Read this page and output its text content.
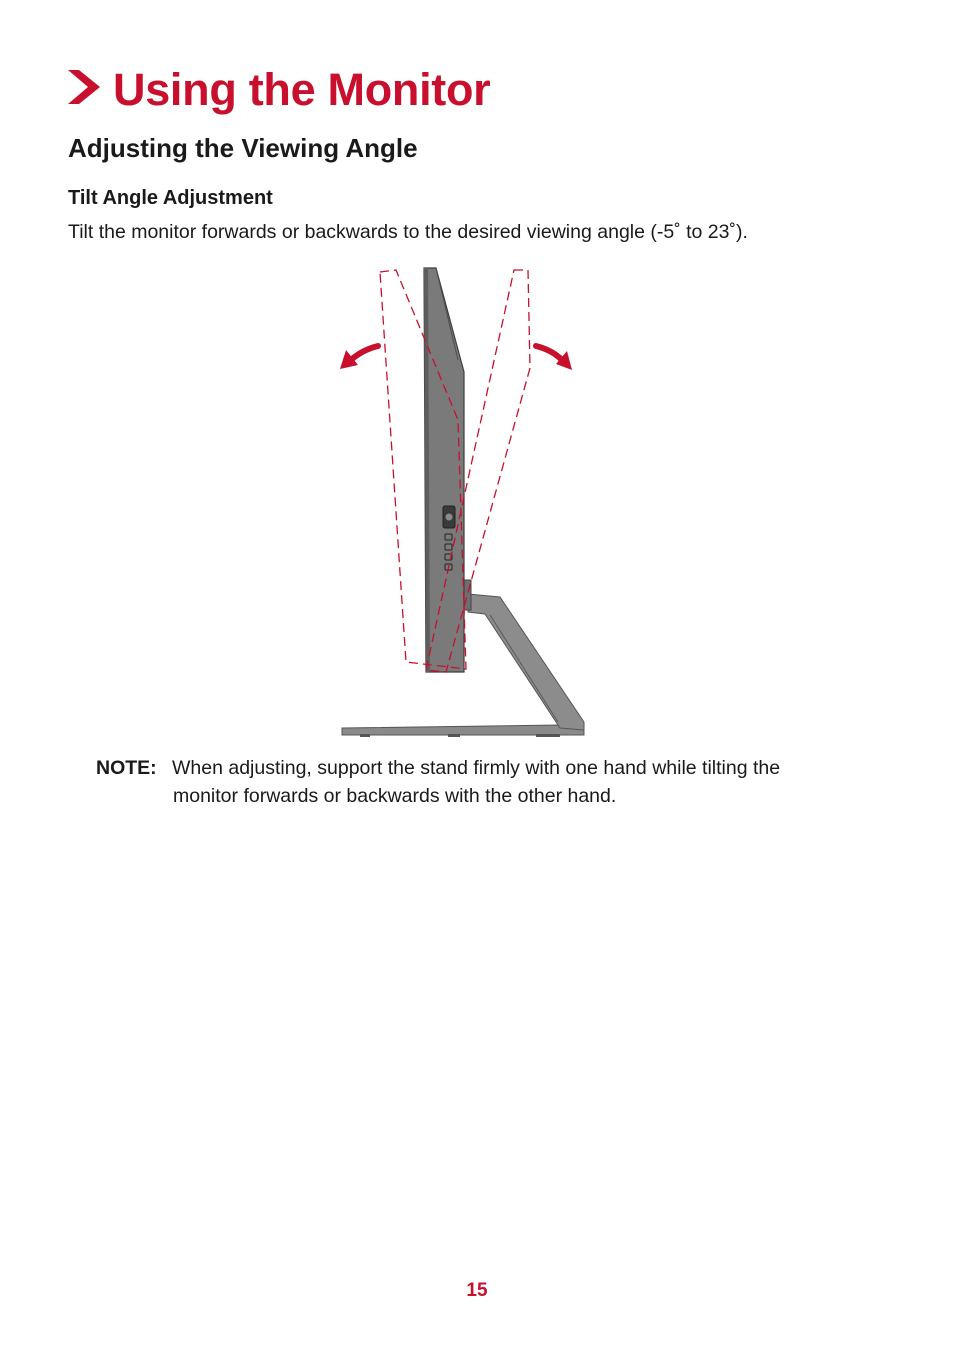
Using the Monitor
Adjusting the Viewing Angle
Tilt Angle Adjustment

Tilt the monitor forwards or backwards to the desired viewing angle (-5˚ to 23˚).

NOTE: When adjusting, support the stand firmly with one hand while tilting the
monitor forwards or backwards with the other hand.
15
